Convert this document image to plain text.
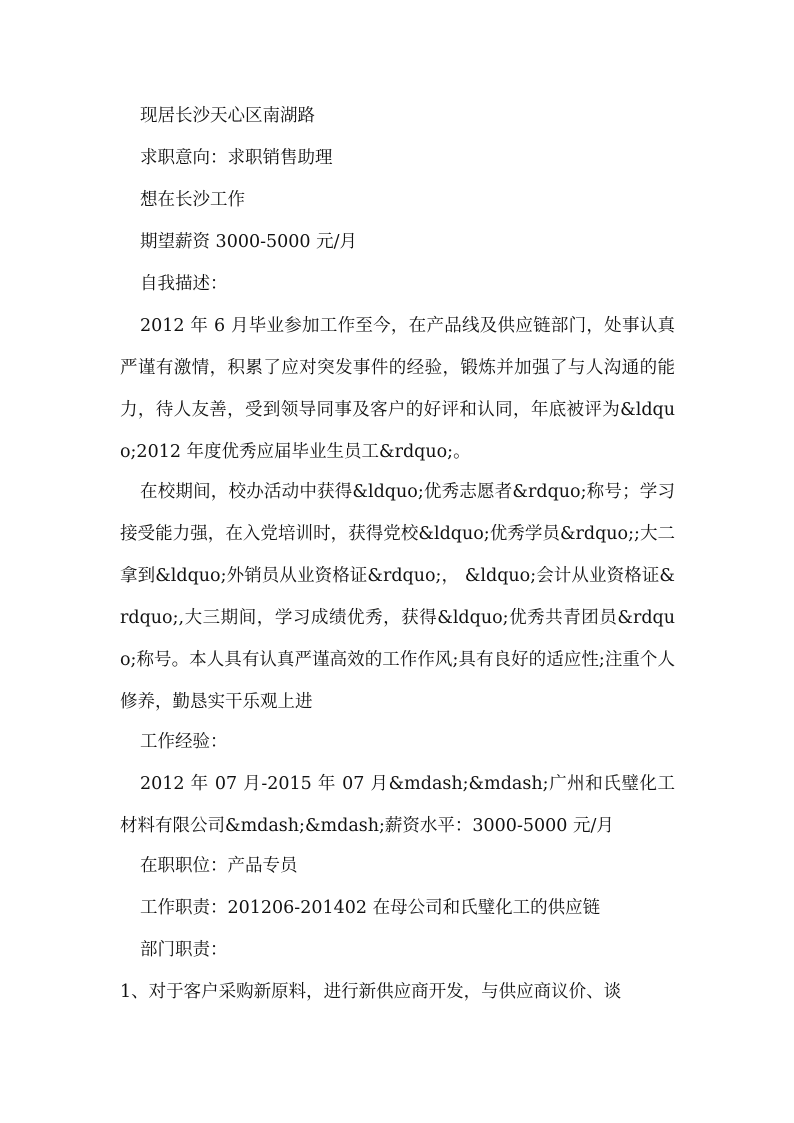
现居长沙天心区南湖路

求职意向：求职销售助理

想在长沙工作

期望薪资 3000-5000 元/月

自我描述：

2012 年 6 月毕业参加工作至今，在产品线及供应链部门，处事认真严谨有激情，积累了应对突发事件的经验，锻炼并加强了与人沟通的能力，待人友善，受到领导同事及客户的好评和认同，年底被评为&ldquo;2012 年度优秀应届毕业生员工&rdquo;。

在校期间，校办活动中获得&ldquo;优秀志愿者&rdquo;称号；学习接受能力强，在入党培训时，获得党校&ldquo;优秀学员&rdquo;;大二拿到&ldquo;外销员从业资格证&rdquo;， &ldquo;会计从业资格证&rdquo;,大三期间，学习成绩优秀，获得&ldquo;优秀共青团员&rdquo;称号。本人具有认真严谨高效的工作作风;具有良好的适应性;注重个人修养，勤恳实干乐观上进

工作经验：

2012 年 07 月-2015 年 07 月&mdash;&mdash;广州和氏璧化工材料有限公司&mdash;&mdash;薪资水平：3000-5000 元/月

在职职位：产品专员

工作职责：201206-201402 在母公司和氏璧化工的供应链

部门职责：

1、对于客户采购新原料，进行新供应商开发，与供应商议价、谈
